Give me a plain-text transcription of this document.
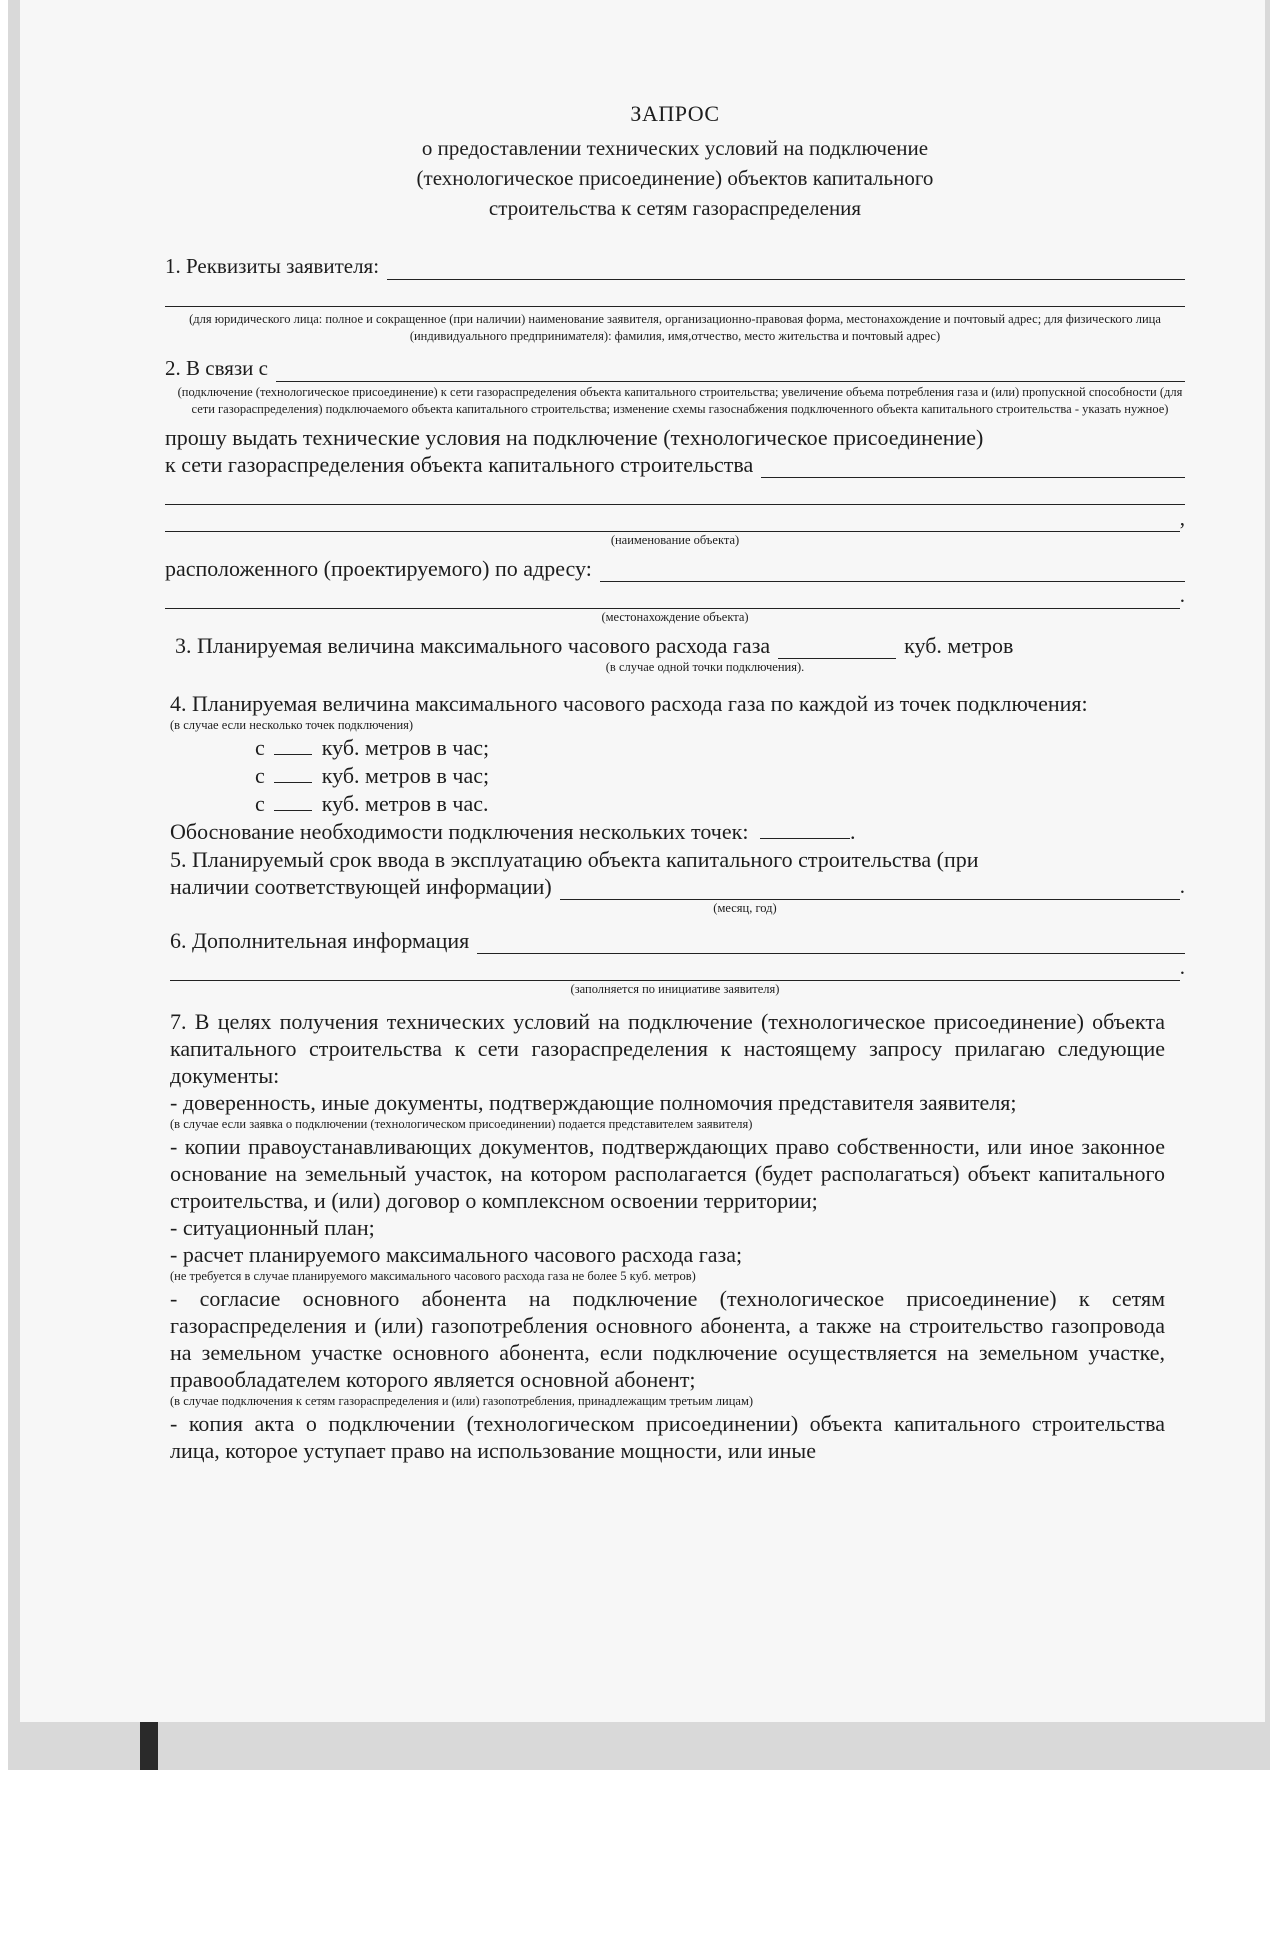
ЗАПРОС
о предоставлении технических условий на подключение
(технологическое присоединение) объектов капитального
строительства к сетям газораспределения
1. Реквизиты заявителя:
(для юридического лица: полное и сокращенное (при наличии) наименование заявителя, организационно-правовая форма, местонахождение и почтовый адрес; для физического лица (индивидуального предпринимателя): фамилия, имя,отчество, место жительства и почтовый адрес)
2. В связи с
(подключение (технологическое присоединение) к сети газораспределения объекта капитального строительства; увеличение объема потребления газа и (или) пропускной способности (для сети газораспределения) подключаемого объекта капитального строительства; изменение схемы газоснабжения подключенного объекта капитального строительства - указать нужное)

прошу выдать технические условия на подключение (технологическое присоединение)

к сети газораспределения объекта капитального строительства
,
(наименование объекта)
расположенного (проектируемого) по адресу:
.
(местонахождение объекта)
3. Планируемая величина максимального часового расхода газа	куб. метров
(в случае одной точки подключения).

4. Планируемая величина максимального часового расхода газа по каждой из точек подключения:

(в случае если несколько точек подключения)
с	куб. метров в час;
с	куб. метров в час;
с	куб. метров в час.
Обоснование необходимости подключения нескольких точек:	.

5. Планируемый срок ввода в эксплуатацию объекта капитального строительства (при

наличии соответствующей информации)	.
(месяц, год)
6. Дополнительная информация
.
(заполняется по инициативе заявителя)

7. В целях получения технических условий на подключение (технологическое присоединение) объекта капитального строительства к сети газораспределения к настоящему запросу прилагаю следующие документы:

- доверенность, иные документы, подтверждающие полномочия представителя заявителя;

(в случае если заявка о подключении (технологическом присоединении) подается представителем заявителя)

- копии правоустанавливающих документов, подтверждающих право собственности, или иное законное основание на земельный участок, на котором располагается (будет располагаться) объект капитального строительства, и (или) договор о комплексном освоении территории;

- ситуационный план;

- расчет планируемого максимального часового расхода газа;

(не требуется в случае планируемого максимального часового расхода газа не более 5 куб. метров)

- согласие основного абонента на подключение (технологическое присоединение) к сетям газораспределения и (или) газопотребления основного абонента, а также на строительство газопровода на земельном участке основного абонента, если подключение осуществляется на земельном участке, правообладателем которого является основной абонент;

(в случае подключения к сетям газораспределения и (или) газопотребления, принадлежащим третьим лицам)

- копия акта о подключении (технологическом присоединении) объекта капитального строительства лица, которое уступает право на использование мощности, или иные
